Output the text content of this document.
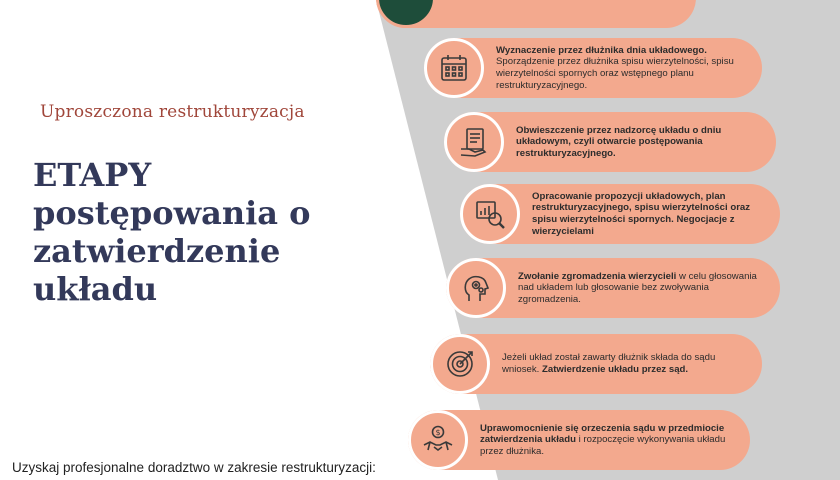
Uproszczona restrukturyzacja
ETAPY
postępowania o
zatwierdzenie
układu
Uzyskaj profesjonalne doradztwo w zakresie restrukturyzacji:

Wyznaczenie przez dłużnika dnia układowego.

Sporządzenie przez dłużnika spisu wierzytelności, spisu wierzytelności spornych oraz wstępnego planu restrukturyzacyjnego.

Obwieszczenie przez nadzorcę układu o dniu układowym, czyli otwarcie postępowania restrukturyzacyjnego.

Opracowanie propozycji układowych, plan restrukturyzacyjnego, spisu wierzytelności oraz spisu wierzytelności spornych. Negocjacje z wierzycielami

Zwołanie zgromadzenia wierzycieli w celu głosowania nad układem lub głosowanie bez zwoływania zgromadzenia.

Jeżeli układ został zawarty dłużnik składa do sądu wniosek. Zatwierdzenie układu przez sąd.

$	Uprawomocnienie się orzeczenia sądu w przedmiocie zatwierdzenia układu i rozpoczęcie wykonywania układu przez dłużnika.
